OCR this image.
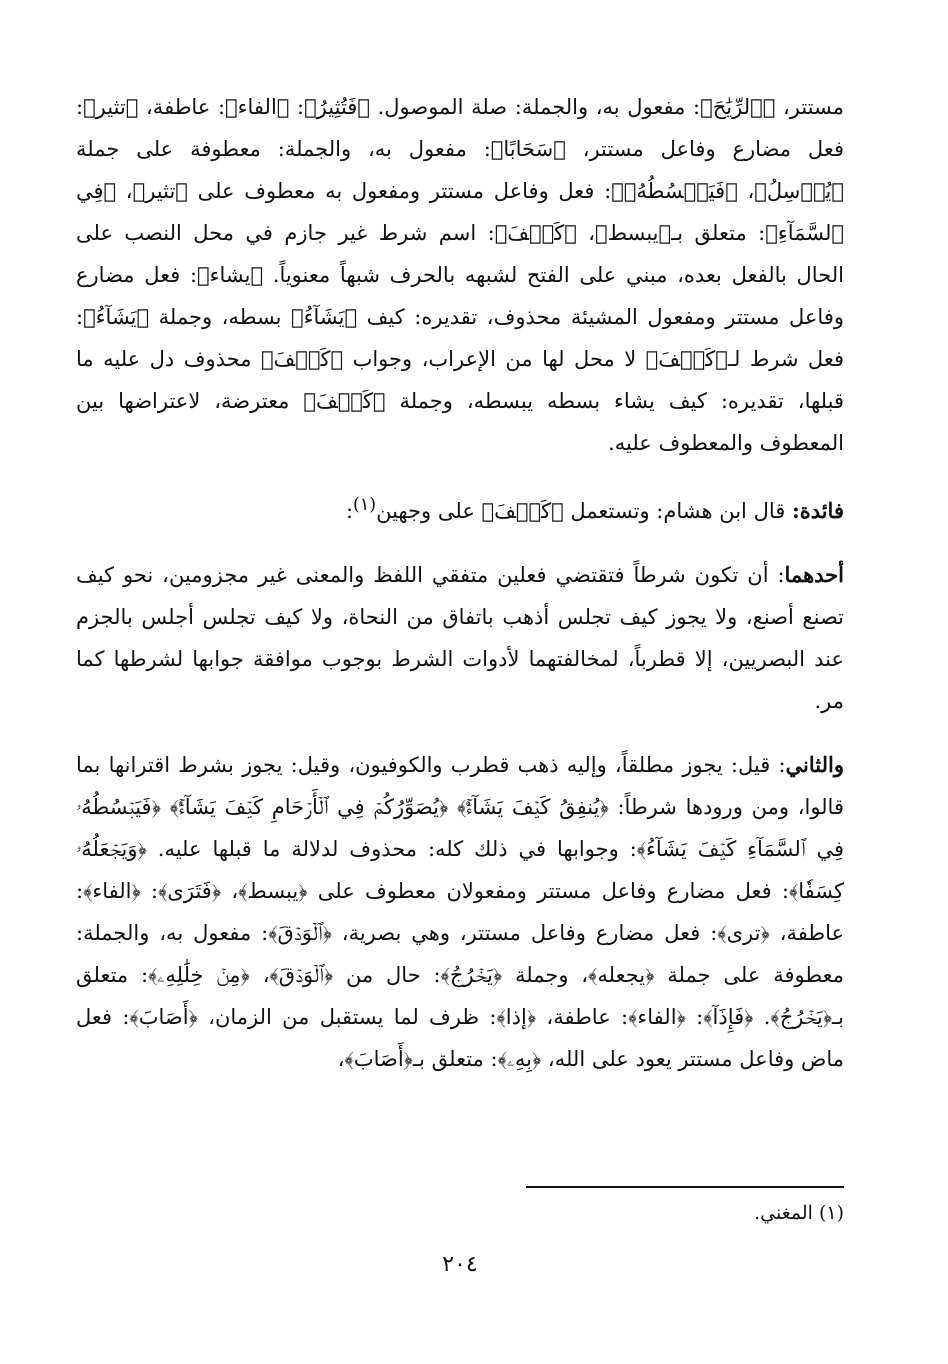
مستتر، ﴿ٱلرِّيَٰحَ﴾: مفعول به، والجملة: صلة الموصول. ﴿فَتُثِيرُ﴾: ﴿الفاء﴾: عاطفة، ﴿تثير﴾: فعل مضارع وفاعل مستتر، ﴿سَحَابًا﴾: مفعول به، والجملة: معطوفة على جملة ﴿يُرۡسِلُ﴾، ﴿فَيَبۡسُطُهُۥ﴾: فعل وفاعل مستتر ومفعول به معطوف على ﴿تثير﴾، ﴿فِي ٱلسَّمَآءِ﴾: متعلق بـ﴿يبسط﴾، ﴿كَيۡفَ﴾: اسم شرط غير جازم في محل النصب على الحال بالفعل بعده، مبني على الفتح لشبهه بالحرف شبهاً معنوياً. ﴿يشاء﴾: فعل مضارع وفاعل مستتر ومفعول المشيئة محذوف، تقديره: كيف ﴿يَشَآءُ﴾ بسطه، وجملة ﴿يَشَآءُ﴾: فعل شرط لـ﴿كَيۡفَ﴾ لا محل لها من الإعراب، وجواب ﴿كَيۡفَ﴾ محذوف دل عليه ما قبلها، تقديره: كيف يشاء بسطه يبسطه، وجملة ﴿كَيۡفَ﴾ معترضة، لاعتراضها بين المعطوف والمعطوف عليه.

فائدة: قال ابن هشام: وتستعمل ﴿كَيۡفَ﴾ على وجهين$^{(١)}$:

أحدهما: أن تكون شرطاً فتقتضي فعلين متفقي اللفظ والمعنى غير مجزومين، نحو كيف تصنع أصنع، ولا يجوز كيف تجلس أذهب باتفاق من النحاة، ولا كيف تجلس أجلس بالجزم عند البصريين، إلا قطرباً، لمخالفتهما لأدوات الشرط بوجوب موافقة جوابها لشرطها كما مر.

والثاني: قيل: يجوز مطلقاً، وإليه ذهب قطرب والكوفيون، وقيل: يجوز بشرط اقترانها بما قالوا، ومن ورودها شرطاً: ﴿يُنفِقُ كَيۡفَ يَشَآءُۚ﴾ ﴿يُصَوِّرُكُمۡ فِي ٱلۡأَرۡحَامِ كَيۡفَ يَشَآءُۚ﴾ ﴿فَيَبۡسُطُهُۥ فِي ٱلسَّمَآءِ كَيۡفَ يَشَآءُ﴾: وجوابها في ذلك كله: محذوف لدلالة ما قبلها عليه. ﴿وَيَجۡعَلُهُۥ كِسَفٗا﴾: فعل مضارع وفاعل مستتر ومفعولان معطوف على ﴿يبسط﴾، ﴿فَتَرَى﴾: ﴿الفاء﴾: عاطفة، ﴿ترى﴾: فعل مضارع وفاعل مستتر، وهي بصرية، ﴿ٱلۡوَدۡقَ﴾: مفعول به، والجملة: معطوفة على جملة ﴿يجعله﴾، وجملة ﴿يَخۡرُجُ﴾: حال من ﴿ٱلۡوَدۡقَ﴾، ﴿مِنۡ خِلَٰلِهِۦ﴾: متعلق بـ﴿يَخۡرُجُ﴾. ﴿فَإِذَآ﴾: ﴿الفاء﴾: عاطفة، ﴿إذا﴾: ظرف لما يستقبل من الزمان، ﴿أَصَابَ﴾: فعل ماض وفاعل مستتر يعود على الله، ﴿بِهِۦ﴾: متعلق بـ﴿أَصَابَ﴾،

(١) المغني.
٢٠٤
